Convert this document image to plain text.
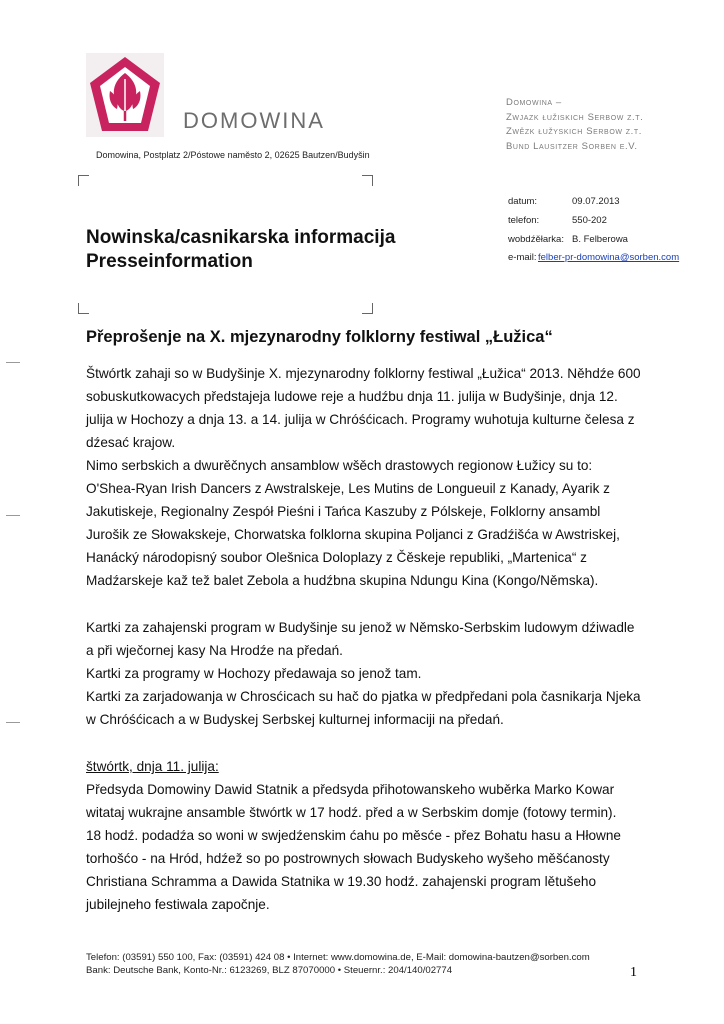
DOMOWINA
Domowina, Postplatz 2/Póstowe naměsto 2, 02625 Bautzen/Budyšin
Domowina –
Zwjazk łužiskich Serbow z.t.
Zwězk łužyskich Serbow z.t.
Bund Lausitzer Sorben e.V.
datum:	09.07.2013
telefon:	550-202
wobdźěłarka: B. Felberowa
e-mail: felber-pr-domowina@sorben.com
Nowinska/casnikarska informacija
Presseinformation
Přeprošenje na X. mjezynarodny folklorny festiwal „Łužica“

Štwórtk zahaji so w Budyšinje X. mjezynarodny folklorny festiwal „Łužica“ 2013. Něhdźe 600

sobuskutkowacych předstajeja ludowe reje a hudźbu dnja 11. julija w Budyšinje, dnja 12.

julija w Hochozy a dnja 13. a 14. julija w Chróśćicach. Programy wuhotuja kulturne čelesa z

dźesać krajow.

Nimo serbskich a dwurěčnych ansamblow wšěch drastowych regionow Łužicy su to:

O'Shea-Ryan Irish Dancers z Awstralskeje, Les Mutins de Longueuil z Kanady, Ayarik z

Jakutiskeje, Regionalny Zespół Pieśni i Tańca Kaszuby z Pólskeje, Folklorny ansambl

Jurošik ze Słowakskeje, Chorwatska folklorna skupina Poljanci z Gradźišća w Awstriskej,

Hanácký národopisný soubor Olešnica Doloplazy z Čěskeje republiki, „Martenica“ z

Madźarskeje kaž tež balet Zebola a hudźbna skupina Ndungu Kina (Kongo/Němska).

Kartki za zahajenski program w Budyšinje su jenož w Němsko-Serbskim ludowym dźiwadle

a při wječornej kasy Na Hrodźe na předań.

Kartki za programy w Hochozy předawaja so jenož tam.

Kartki za zarjadowanja w Chrosćicach su hač do pjatka w předpředani pola časnikarja Njeka

w Chróśćicach a w Budyskej Serbskej kulturnej informaciji na předań.

štwórtk, dnja 11. julija:

Předsyda Domowiny Dawid Statnik a předsyda přihotowanskeho wuběrka Marko Kowar

witataj wukrajne ansamble štwórtk w 17 hodź. před a w Serbskim domje (fotowy termin).

18 hodź. podadźa so woni w swjedźenskim ćahu po měsće - přez Bohatu hasu a Hłowne

torhošćo - na Hród, hdźež so po postrownych słowach Budyskeho wyšeho měšćanosty

Christiana Schramma a Dawida Statnika w 19.30 hodź. zahajenski program lětušeho

jubilejneho festiwala započnje.

Telefon: (03591) 550 100, Fax: (03591) 424 08 • Internet: www.domowina.de, E-Mail: domowina-bautzen@sorben.com
Bank: Deutsche Bank, Konto-Nr.: 6123269, BLZ 87070000 • Steuernr.: 204/140/02774	1
